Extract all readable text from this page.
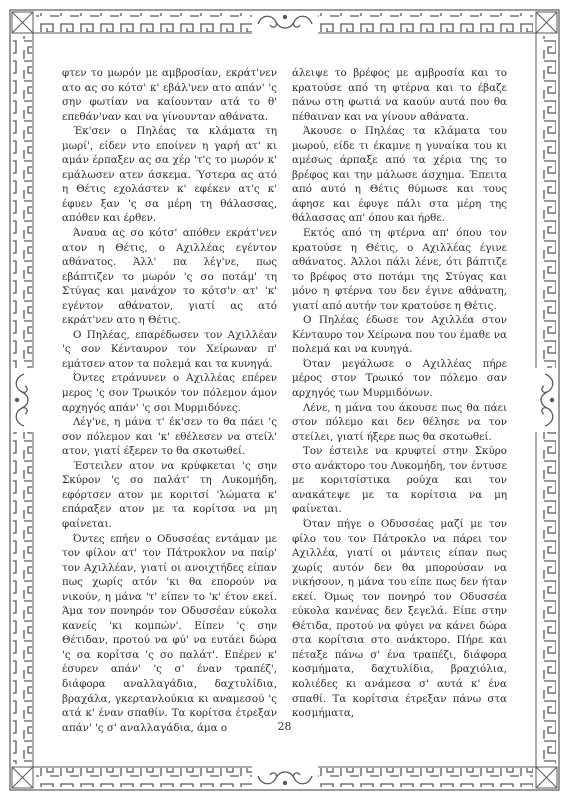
φτεν το μωρόν με αμβροσίαν, εκράτ'νεν ατο ας σο κότσ' κ' εβάλ'νεν ατο απάν' 'ς σην φωτίαν να καίουνταν ατά το θ' επεθάν'ναν και να γίνουνταν αθάνατα.

Έκ'σεν ο Πηλέας τα κλάματα τη μωρί', είδεν ντο εποίνεν η γαρή ατ' κι αμάν έρπαξεν ας σα χέρ 'τ'ς το μωρόν κ' εμάλωσεν ατεν άσκεμα. Ύστερα ας ατό η Θέτις εχολάστεν κ' εφέκεν ατ'ς κ' έφυεν ξαν 'ς σα μέρη τη θάλασσας, απόθεν και έρθεν.

Άναυα ας σο κότσ' απόθεν εκράτ'νεν ατον η Θέτις, ο Αχιλλέας εγέντον αθάνατος. Άλλ' πα λέγ'νε, πως εβάπτιζεν το μωρόν 'ς σο ποτάμ' τη Στύγας και μανάχον το κότσ'ν ατ' 'κ' εγέντον αθάνατον, γιατί ας ατό εκράτ'νεν ατο η Θέτις.

Ο Πηλέας, επαρέδωσεν τον Αχιλλέαν 'ς σον Κένταυρον τον Χείρωναν π' εμάτσεν ατον τα πολεμά και τα κυνηγά.

Όντες ετράνυνεν ο Αχιλλέας επέρεν μερος 'ς σον Τρωικόν τον πόλεμον άμον αρχηγός απάν' 'ς σοι Μυρμιδόνες.

Λέγ'νε, η μάνα τ' έκ'σεν το θα πάει 'ς σον πόλεμον και 'κ' εθέλεσεν να στείλ' ατον, γιατί έξερεν το θα σκοτωθεί.

Έστειλεν ατον να κρύφκεται 'ς σην Σκύρον 'ς σο παλάτ' τη Λυκομήδη, εφόρτσεν ατον με κοριτσί 'λώματα κ' επάραξεν ατον με τα κορίτσα να μη φαίνεται.

Όντες επήεν ο Οδυσσέας εντάμαν με τον φίλον ατ' τον Πάτροκλον να παίρ' τον Αχιλλέαν, γιατί οι ανοιχτήδες είπαν πως χωρίς ατόν 'κι θα επορούν να νικούν, η μάνα 'τ' είπεν το 'κ' έτον εκεί. Άμα τον πονηρόν τον Οδυσσέαν εύκολα κανείς 'κι κομπών'. Είπεν 'ς σην Θέτιδαν, προτού να φύ' να ευτάει δώρα 'ς σα κορίτσα 'ς σο παλάτ'. Επέρεν κ' έσυρεν απάν' 'ς σ' έναν τραπέζ', διάφορα αναλλαγάδια, δαχτυλίδια, βραχάλα, γκερτανλούκια κι αναμεσού 'ς ατά κ' έναν σπαθίν. Τα κορίτσα έτρεξαν απάν' 'ς σ' αναλλαγάδια, άμα ο

άλειψε το βρέφος με αμβροσία και το κρατούσε από τη φτέρνα και το έβαζε πάνω στη φωτιά να καούν αυτά που θα πέθαιναν και να γίνουν αθάνατα.

Άκουσε ο Πηλέας τα κλάματα του μωρού, είδε τι έκαμνε η γυναίκα του κι αμέσως άρπαξε από τα χέρια της το βρέφος και την μάλωσε άσχημα. Έπειτα από αυτό η Θέτις θύμωσε και τους άφησε και έφυγε πάλι στα μέρη της θάλασσας απ' όπου και ήρθε.

Εκτός από τη φτέρνα απ' όπου τον κρατούσε η Θέτις, ο Αχιλλέας έγινε αθάνατος. Άλλοι πάλι λένε, ότι βάπτιζε το βρέφος στο ποτάμι της Στύγας και μόνο η φτέρνα του δεν έγινε αθάνατη, γιατί από αυτήν τον κρατούσε η Θέτις.

Ο Πηλέας έδωσε τον Αχιλλέα στον Κένταυρο τον Χείρωνα που του έμαθε να πολεμά και να κυνηγά.

Όταν μεγάλωσε ο Αχιλλέας πήρε μέρος στον Τρωικό τον πόλεμο σαν αρχηγός των Μυρμιδόνων.

Λένε, η μάνα του άκουσε πως θα πάει στον πόλεμο και δεν θέλησε να τον στείλει, γιατί ήξερε πως θα σκοτωθεί.

Τον έστειλε να κρυφτεί στην Σκύρο στο ανάκτορο του Λυκομήδη, τον έντυσε με κοριτσίστικα ρούχα και τον ανακάτεψε με τα κορίτσια να μη φαίνεται.

Όταν πήγε ο Οδυσσέας μαζί με τον φίλο του τον Πάτροκλο να πάρει τον Αχιλλέα, γιατί οι μάντεις είπαν πως χωρίς αυτόν δεν θα μπορούσαν να νικήσουν, η μάνα του είπε πως δεν ήταν εκεί. Όμως τον πονηρό τον Οδυσσέα εύκολα κανένας δεν ξεγελά. Είπε στην Θέτιδα, προτού να φύγει να κάνει δώρα στα κορίτσια στο ανάκτορο. Πήρε και πέταξε πάνω σ' ένα τραπέζι, διάφορα κοσμήματα, δαχτυλίδια, βραχιόλια, κολιέδες κι ανάμεσα σ' αυτά κ' ένα σπαθί. Τα κορίτσια έτρεξαν πάνω στα κοσμήματα,

28
